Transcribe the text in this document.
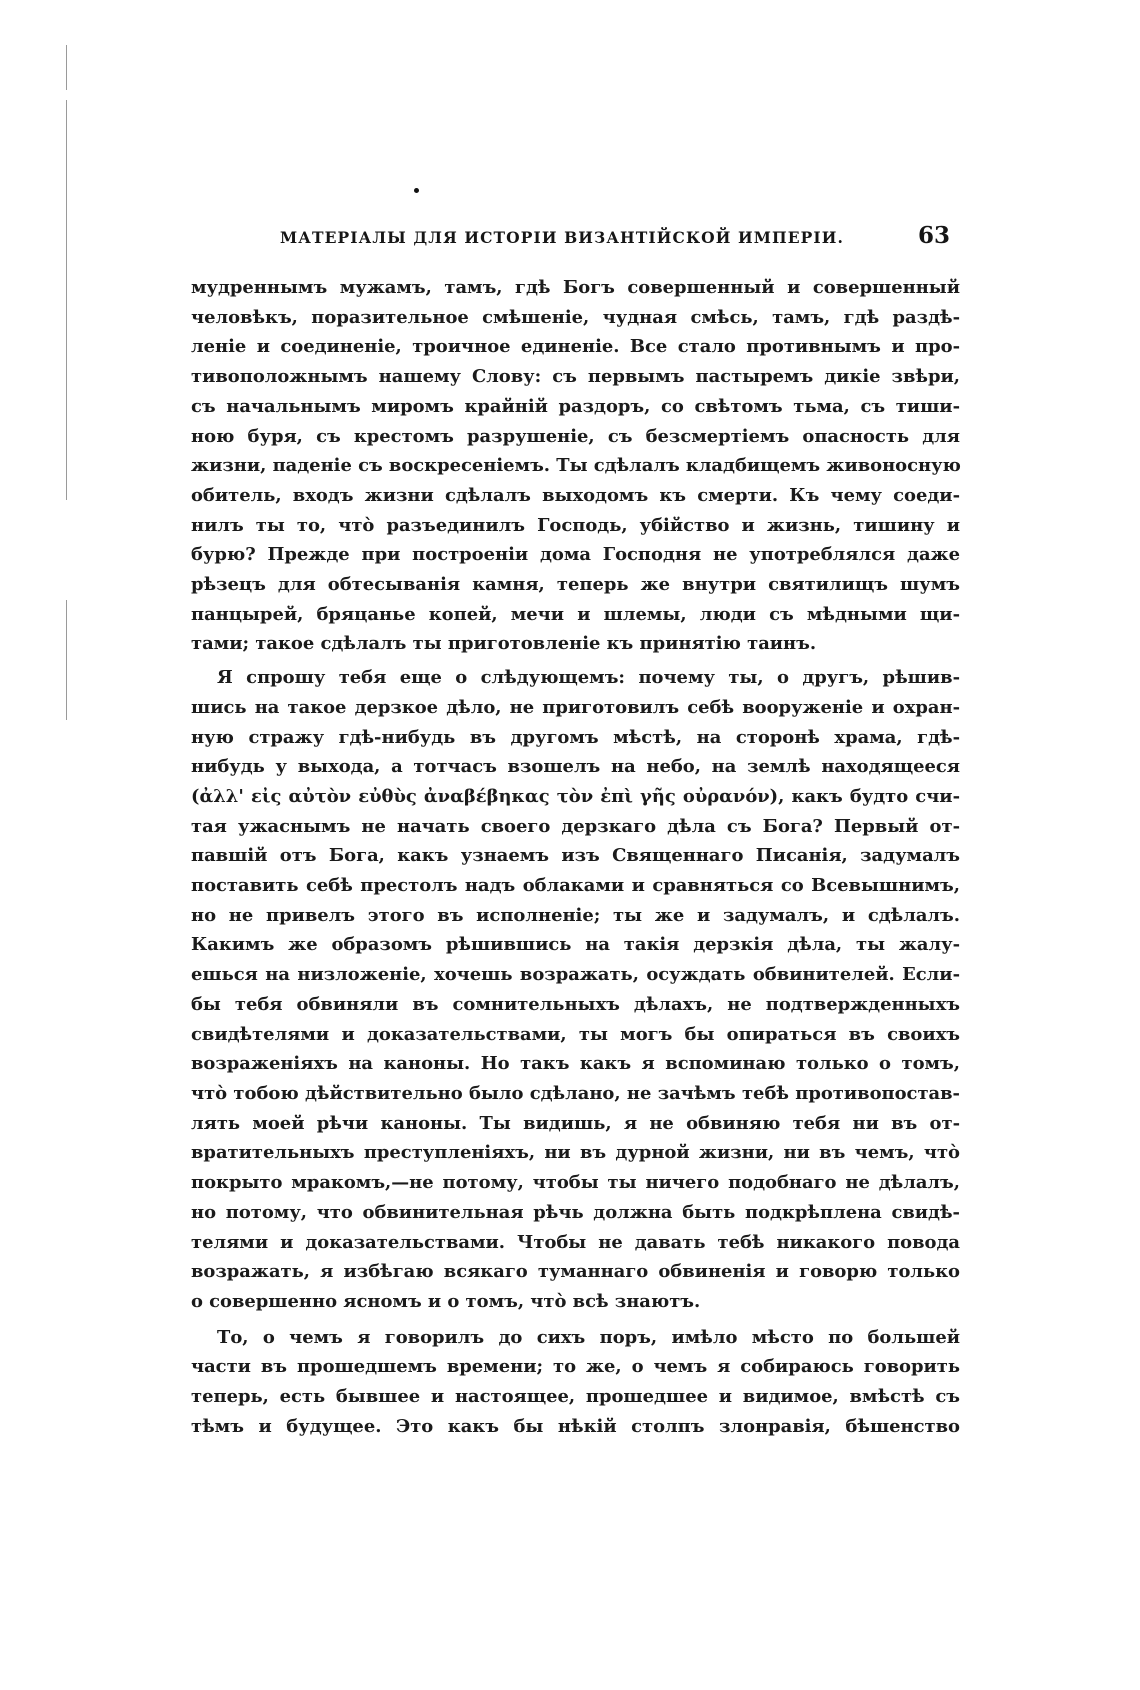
МАТЕРІАЛЫ ДЛЯ ИСТОРІИ ВИЗАНТІЙСКОЙ ИМПЕРІИ.	63

мудреннымъ мужамъ, тамъ, гдѣ Богъ совершенный и совершенный

человѣкъ, поразительное смѣшеніе, чудная смѣсь, тамъ, гдѣ раздѣ-

леніе и соединеніе, троичное единеніе. Все стало противнымъ и про-

тивоположнымъ нашему Слову: съ первымъ пастыремъ дикіе звѣри,

съ начальнымъ миромъ крайній раздоръ, со свѣтомъ тьма, съ тиши-

ною буря, съ крестомъ разрушеніе, съ безсмертіемъ опасность для

жизни, паденіе съ воскресеніемъ. Ты сдѣлалъ кладбищемъ живоносную

обитель, входъ жизни сдѣлалъ выходомъ къ смерти. Къ чему соеди-

нилъ ты то, что̀ разъединилъ Господь, убійство и жизнь, тишину и

бурю? Прежде при построеніи дома Господня не употреблялся даже

рѣзецъ для обтесыванія камня, теперь же внутри святилищъ шумъ

панцырей, бряцанье копей, мечи и шлемы, люди съ мѣдными щи-

тами; такое сдѣлалъ ты приготовленіе къ принятію таинъ.

Я спрошу тебя еще о слѣдующемъ: почему ты, о другъ, рѣшив-

шись на такое дерзкое дѣло, не приготовилъ себѣ вооруженіе и охран-

ную стражу гдѣ-нибудь въ другомъ мѣстѣ, на сторонѣ храма, гдѣ-

нибудь у выхода, а тотчасъ взошелъ на небо, на землѣ находящееся

(ἀλλ' εἰς αὐτὸν εὐθὺς ἀναβέβηκας τὸν ἐπὶ γῆς οὐρανόν), какъ будто счи-

тая ужаснымъ не начать своего дерзкаго дѣла съ Бога? Первый от-

павшій отъ Бога, какъ узнаемъ изъ Священнаго Писанія, задумалъ

поставить себѣ престолъ надъ облаками и сравняться со Всевышнимъ,

но не привелъ этого въ исполненіе; ты же и задумалъ, и сдѣлалъ.

Какимъ же образомъ рѣшившись на такія дерзкія дѣла, ты жалу-

ешься на низложеніе, хочешь возражать, осуждать обвинителей. Если-

бы тебя обвиняли въ сомнительныхъ дѣлахъ, не подтвержденныхъ

свидѣтелями и доказательствами, ты могъ бы опираться въ своихъ

возраженіяхъ на каноны. Но такъ какъ я вспоминаю только о томъ,

что̀ тобою дѣйствительно было сдѣлано, не зачѣмъ тебѣ противопостав-

лять моей рѣчи каноны. Ты видишь, я не обвиняю тебя ни въ от-

вратительныхъ преступленіяхъ, ни въ дурной жизни, ни въ чемъ, что̀

покрыто мракомъ,—не потому, чтобы ты ничего подобнаго не дѣлалъ,

но потому, что обвинительная рѣчь должна быть подкрѣплена свидѣ-

телями и доказательствами. Чтобы не давать тебѣ никакого повода

возражать, я избѣгаю всякаго туманнаго обвиненія и говорю только

о совершенно ясномъ и о томъ, что̀ всѣ знаютъ.

То, о чемъ я говорилъ до сихъ поръ, имѣло мѣсто по большей

части въ прошедшемъ времени; то же, о чемъ я собираюсь говорить

теперь, есть бывшее и настоящее, прошедшее и видимое, вмѣстѣ съ

тѣмъ и будущее. Это какъ бы нѣкій столпъ злонравія, бѣшенство
